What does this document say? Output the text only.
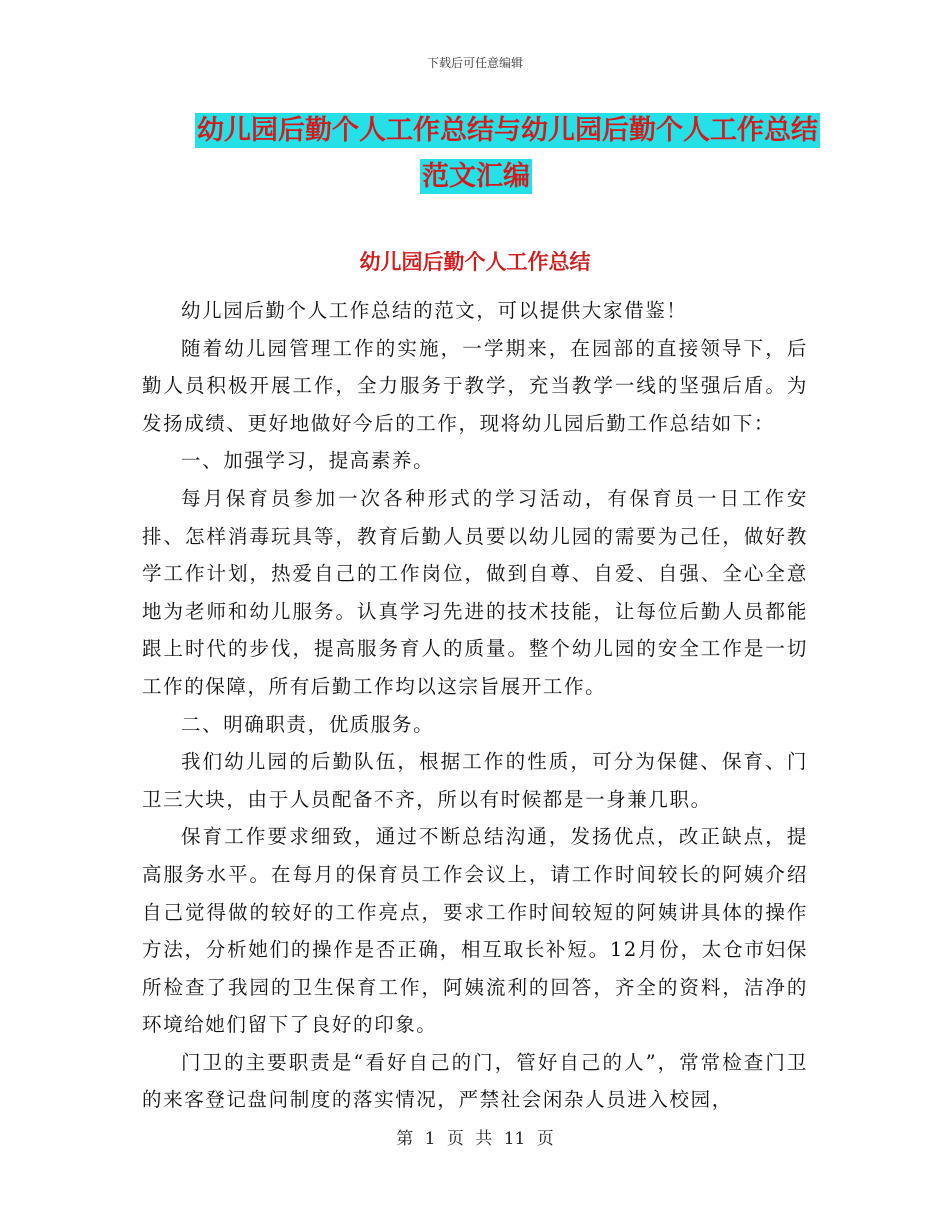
下载后可任意编辑
幼儿园后勤个人工作总结与幼儿园后勤个人工作总结
范文汇编
幼儿园后勤个人工作总结

幼儿园后勤个人工作总结的范文，可以提供大家借鉴！

随着幼儿园管理工作的实施，一学期来，在园部的直接领导下，后勤人员积极开展工作，全力服务于教学，充当教学一线的坚强后盾。为发扬成绩、更好地做好今后的工作，现将幼儿园后勤工作总结如下：

一、加强学习，提高素养。

每月保育员参加一次各种形式的学习活动，有保育员一日工作安排、怎样消毒玩具等，教育后勤人员要以幼儿园的需要为己任，做好教学工作计划，热爱自己的工作岗位，做到自尊、自爱、自强、全心全意地为老师和幼儿服务。认真学习先进的技术技能，让每位后勤人员都能跟上时代的步伐，提高服务育人的质量。整个幼儿园的安全工作是一切工作的保障，所有后勤工作均以这宗旨展开工作。

二、明确职责，优质服务。

我们幼儿园的后勤队伍，根据工作的性质，可分为保健、保育、门卫三大块，由于人员配备不齐，所以有时候都是一身兼几职。

保育工作要求细致，通过不断总结沟通，发扬优点，改正缺点，提高服务水平。在每月的保育员工作会议上，请工作时间较长的阿姨介绍自己觉得做的较好的工作亮点，要求工作时间较短的阿姨讲具体的操作方法，分析她们的操作是否正确，相互取长补短。12月份，太仓市妇保所检查了我园的卫生保育工作，阿姨流利的回答，齐全的资料，洁净的环境给她们留下了良好的印象。

门卫的主要职责是“看好自己的门，管好自己的人”，常常检查门卫的来客登记盘问制度的落实情况，严禁社会闲杂人员进入校园，

第 1 页 共 11 页
